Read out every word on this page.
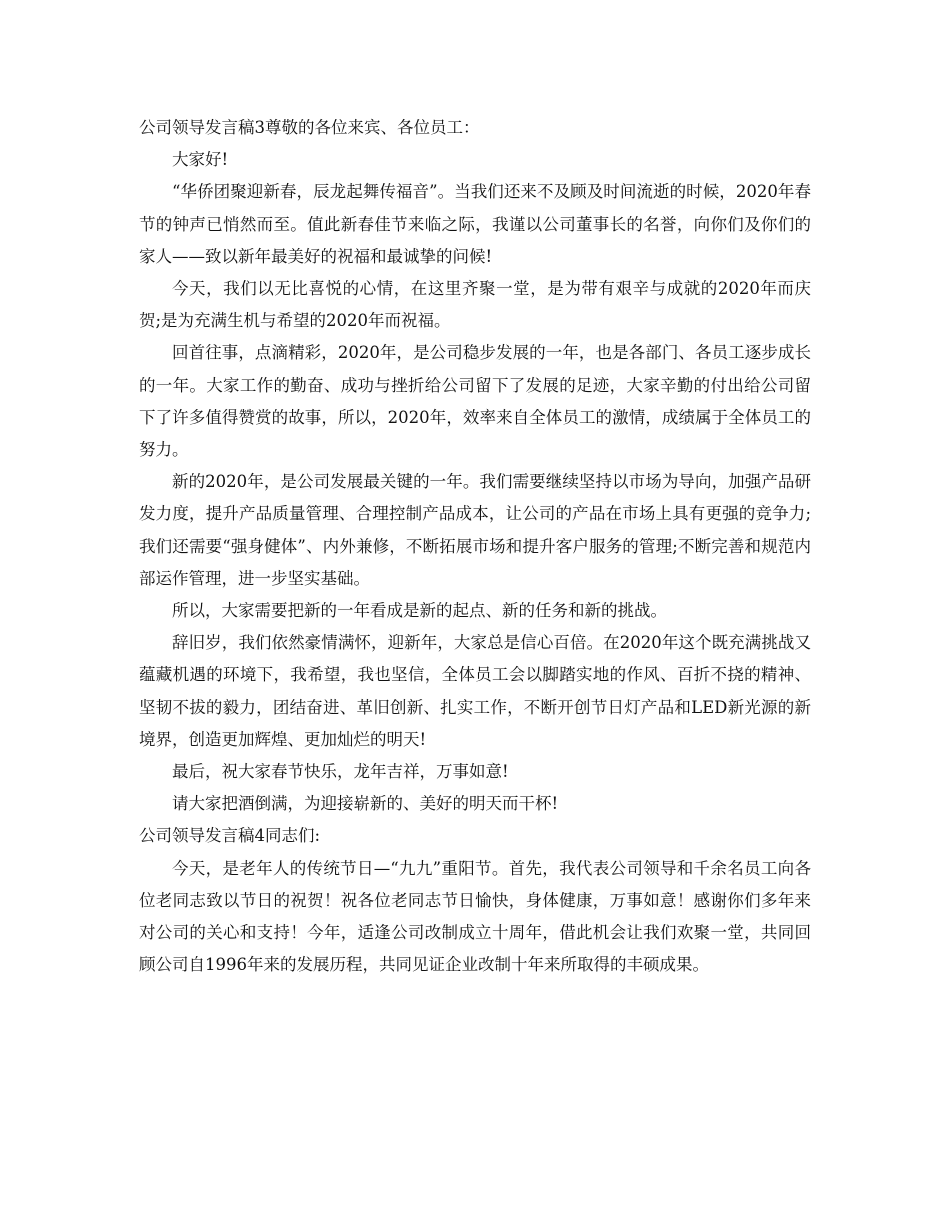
公司领导发言稿3尊敬的各位来宾、各位员工：

大家好!

“华侨团聚迎新春，辰龙起舞传福音”。当我们还来不及顾及时间流逝的时候，2020年春节的钟声已悄然而至。值此新春佳节来临之际，我谨以公司董事长的名誉，向你们及你们的家人——致以新年最美好的祝福和最诚挚的问候!

今天，我们以无比喜悦的心情，在这里齐聚一堂，是为带有艰辛与成就的2020年而庆贺;是为充满生机与希望的2020年而祝福。

回首往事，点滴精彩，2020年，是公司稳步发展的一年，也是各部门、各员工逐步成长的一年。大家工作的勤奋、成功与挫折给公司留下了发展的足迹，大家辛勤的付出给公司留下了许多值得赞赏的故事，所以，2020年，效率来自全体员工的激情，成绩属于全体员工的努力。

新的2020年，是公司发展最关键的一年。我们需要继续坚持以市场为导向，加强产品研发力度，提升产品质量管理、合理控制产品成本，让公司的产品在市场上具有更强的竞争力;我们还需要“强身健体”、内外兼修，不断拓展市场和提升客户服务的管理;不断完善和规范内部运作管理，进一步坚实基础。

所以，大家需要把新的一年看成是新的起点、新的任务和新的挑战。

辞旧岁，我们依然豪情满怀，迎新年，大家总是信心百倍。在2020年这个既充满挑战又蕴藏机遇的环境下，我希望，我也坚信，全体员工会以脚踏实地的作风、百折不挠的精神、坚韧不拔的毅力，团结奋进、革旧创新、扎实工作，不断开创节日灯产品和LED新光源的新境界，创造更加辉煌、更加灿烂的明天!

最后，祝大家春节快乐，龙年吉祥，万事如意!

请大家把酒倒满，为迎接崭新的、美好的明天而干杯!

公司领导发言稿4同志们:

今天，是老年人的传统节日—“九九”重阳节。首先，我代表公司领导和千余名员工向各位老同志致以节日的祝贺！祝各位老同志节日愉快，身体健康，万事如意！感谢你们多年来对公司的关心和支持！今年，适逢公司改制成立十周年，借此机会让我们欢聚一堂，共同回顾公司自1996年来的发展历程，共同见证企业改制十年来所取得的丰硕成果。
